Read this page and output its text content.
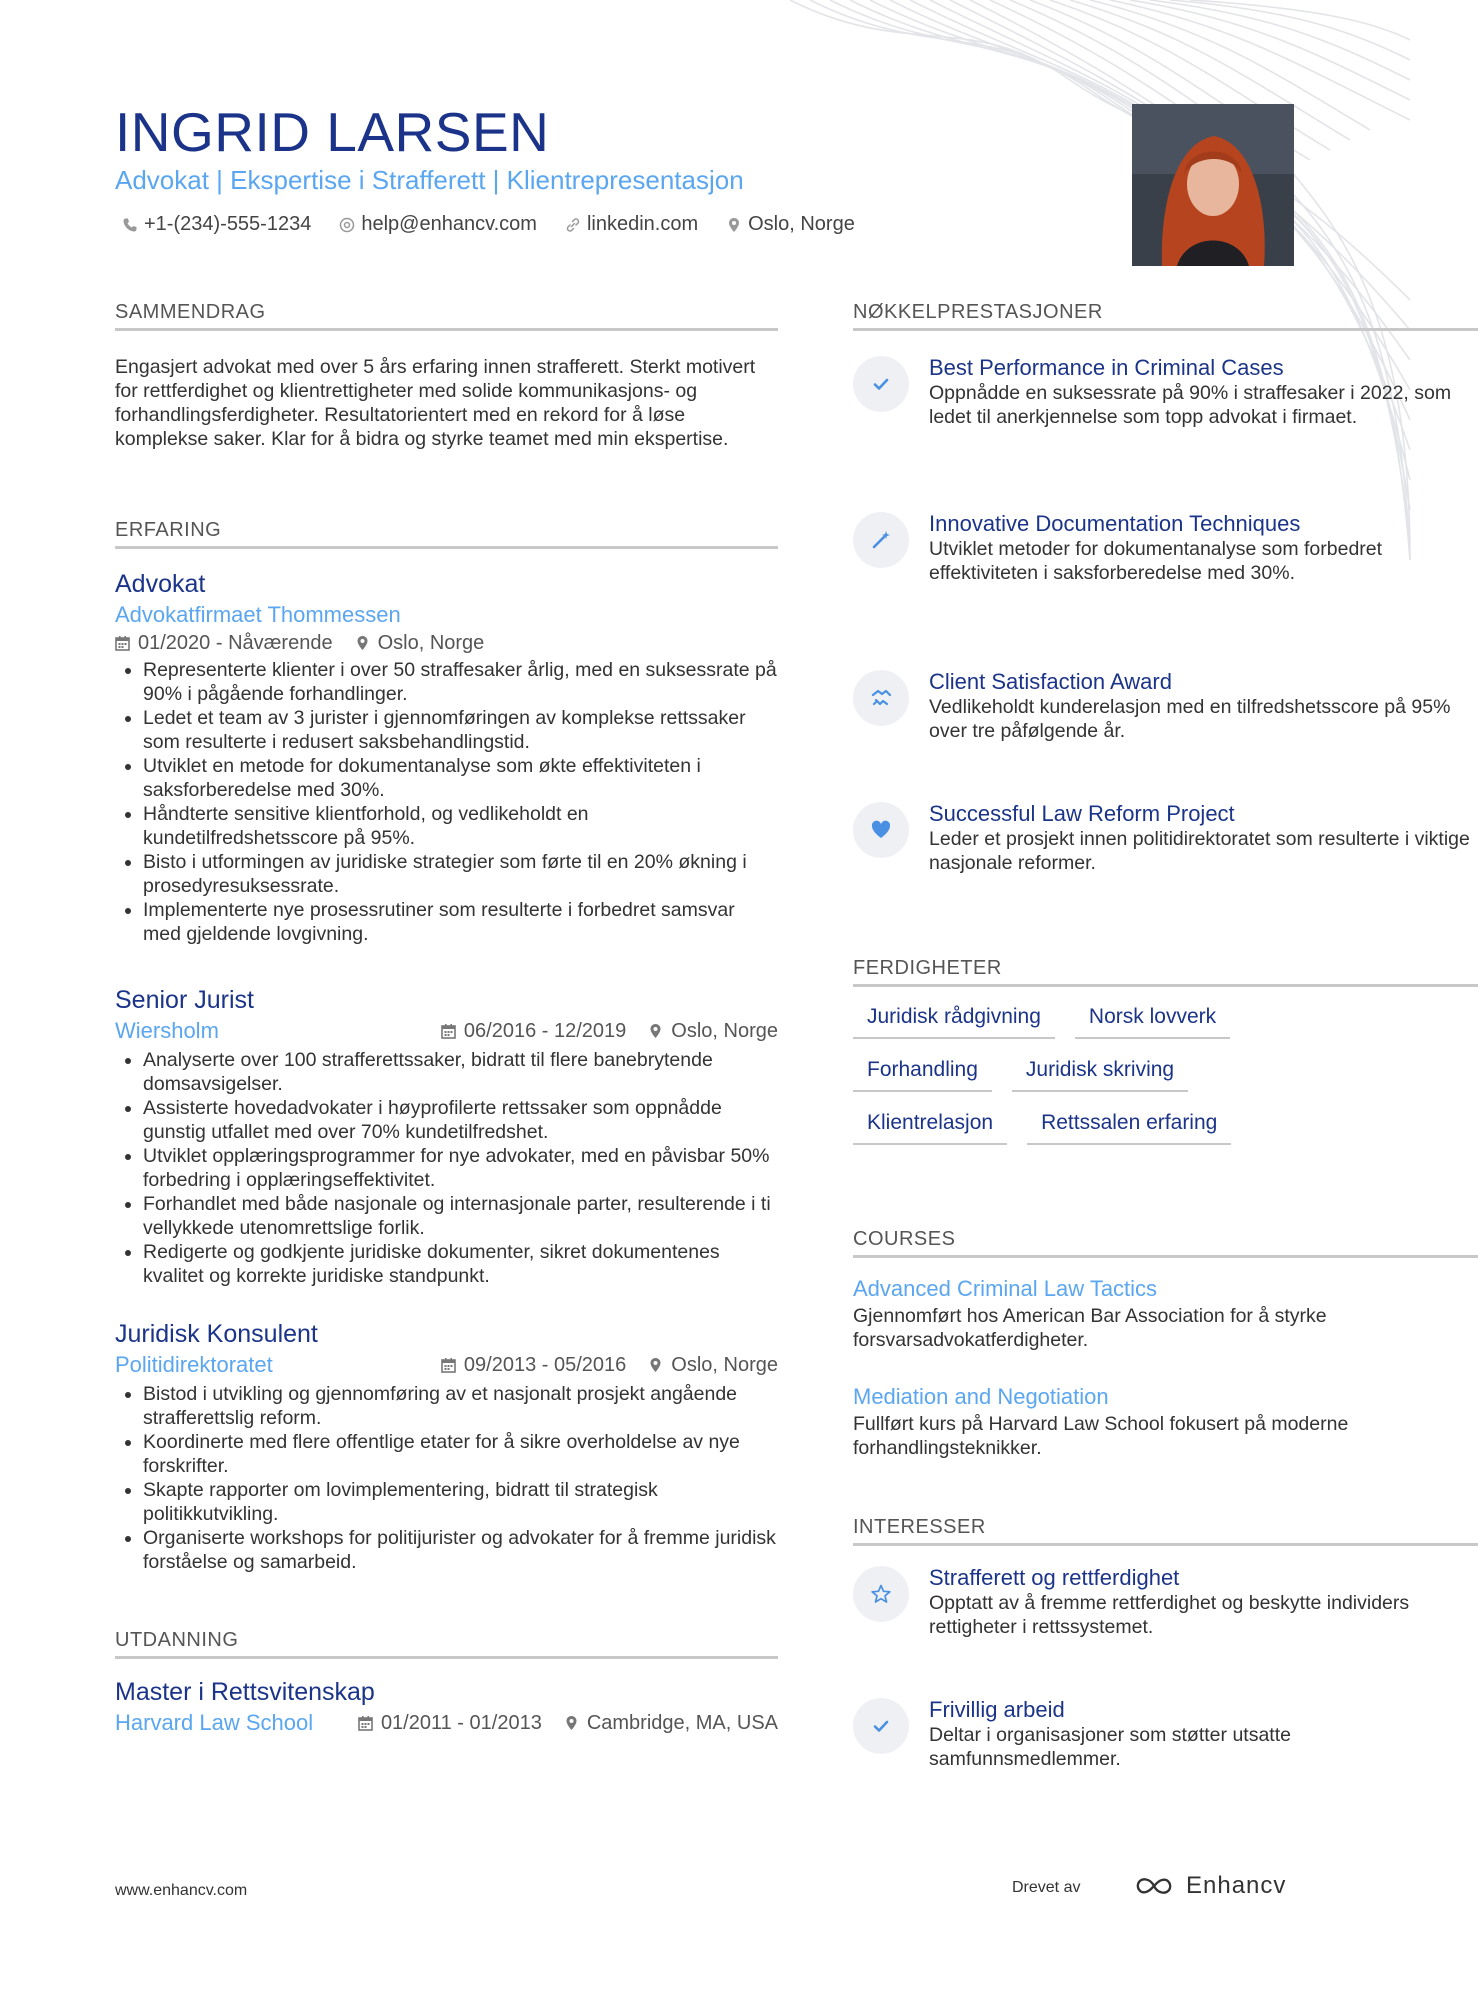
INGRID LARSEN

Advokat | Ekspertise i Strafferett | Klientrepresentasjon

+1-(234)-555-1234	help@enhancv.com	linkedin.com	Oslo, Norge
SAMMENDRAG

Engasjert advokat med over 5 års erfaring innen strafferett. Sterkt motivert for rettferdighet og klientrettigheter med solide kommunikasjons- og forhandlingsferdigheter. Resultatorientert med en rekord for å løse komplekse saker. Klar for å bidra og styrke teamet med min ekspertise.

ERFARING
Advokat
Advokatfirmaet Thommessen
01/2020 - Nåværende Oslo, Norge
• Representerte klienter i over 50 straffesaker årlig, med en suksessrate på 90% i pågående forhandlinger.
• Ledet et team av 3 jurister i gjennomføringen av komplekse rettssaker som resulterte i redusert saksbehandlingstid.
• Utviklet en metode for dokumentanalyse som økte effektiviteten i saksforberedelse med 30%.
• Håndterte sensitive klientforhold, og vedlikeholdt en kundetilfredshetsscore på 95%.
• Bisto i utformingen av juridiske strategier som førte til en 20% økning i prosedyresuksessrate.
• Implementerte nye prosessrutiner som resulterte i forbedret samsvar med gjeldende lovgivning.
Senior Jurist
Wiersholm	06/2016 - 12/2019 Oslo, Norge
• Analyserte over 100 strafferettssaker, bidratt til flere banebrytende domsavsigelser.
• Assisterte hovedadvokater i høyprofilerte rettssaker som oppnådde gunstig utfallet med over 70% kundetilfredshet.
• Utviklet opplæringsprogrammer for nye advokater, med en påvisbar 50% forbedring i opplæringseffektivitet.
• Forhandlet med både nasjonale og internasjonale parter, resulterende i ti vellykkede utenomrettslige forlik.
• Redigerte og godkjente juridiske dokumenter, sikret dokumentenes kvalitet og korrekte juridiske standpunkt.
Juridisk Konsulent
Politidirektoratet	09/2013 - 05/2016 Oslo, Norge
• Bistod i utvikling og gjennomføring av et nasjonalt prosjekt angående strafferettslig reform.
• Koordinerte med flere offentlige etater for å sikre overholdelse av nye forskrifter.
• Skapte rapporter om lovimplementering, bidratt til strategisk politikkutvikling.
• Organiserte workshops for politijurister og advokater for å fremme juridisk forståelse og samarbeid.
UTDANNING
Master i Rettsvitenskap
Harvard Law School	01/2011 - 01/2013 Cambridge, MA, USA
NØKKELPRESTASJONER
Best Performance in Criminal Cases

Oppnådde en suksessrate på 90% i straffesaker i 2022, som ledet til anerkjennelse som topp advokat i firmaet.

Innovative Documentation Techniques

Utviklet metoder for dokumentanalyse som forbedret effektiviteten i saksforberedelse med 30%.

Client Satisfaction Award

Vedlikeholdt kunderelasjon med en tilfredshetsscore på 95% over tre påfølgende år.

Successful Law Reform Project

Leder et prosjekt innen politidirektoratet som resulterte i viktige nasjonale reformer.

FERDIGHETER
Juridisk rådgivning	Norsk lovverk
Forhandling	Juridisk skriving
Klientrelasjon	Rettssalen erfaring
COURSES
Advanced Criminal Law Tactics

Gjennomført hos American Bar Association for å styrke forsvarsadvokatferdigheter.

Mediation and Negotiation

Fullført kurs på Harvard Law School fokusert på moderne forhandlingsteknikker.

INTERESSER
Strafferett og rettferdighet

Opptatt av å fremme rettferdighet og beskytte individers rettigheter i rettssystemet.

Frivillig arbeid

Deltar i organisasjoner som støtter utsatte samfunnsmedlemmer.

www.enhancv.com	Drevet av	Enhancv
